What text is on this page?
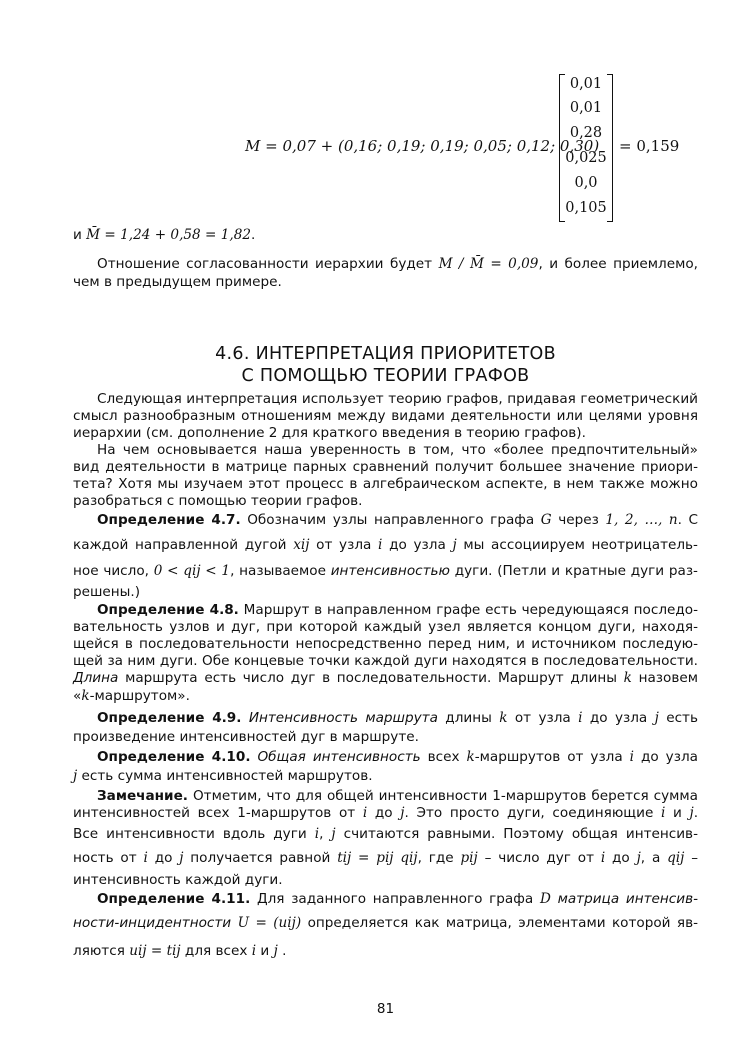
M = 0,07 + (0,16; 0,19; 0,19; 0,05; 0,12; 0,30)
0,01
0,01
0,28
0,025
0,0
0,105
= 0,159
и M̄ = 1,24 + 0,58 = 1,82.
Отношение согласованности иерархии будет M / M̄ = 0,09, и более приемлемо,
чем в предыдущем примере.
4.6. ИНТЕРПРЕТАЦИЯ ПРИОРИТЕТОВ
С ПОМОЩЬЮ ТЕОРИИ ГРАФОВ
Следующая интерпретация использует теорию графов, придавая геометрический
смысл разнообразным отношениям между видами деятельности или целями уровня
иерархии (см. дополнение 2 для краткого введения в теорию графов).
На чем основывается наша уверенность в том, что «более предпочтительный»
вид деятельности в матрице парных сравнений получит большее значение приори-
тета? Хотя мы изучаем этот процесс в алгебраическом аспекте, в нем также можно
разобраться с помощью теории графов.
Определение 4.7. Обозначим узлы направленного графа G через 1, 2, …, n. С
каждой направленной дугой xij от узла i до узла j мы ассоциируем неотрицатель-
ное число, 0 < qij < 1, называемое интенсивностью дуги. (Петли и кратные дуги раз-
решены.)
Определение 4.8. Маршрут в направленном графе есть чередующаяся последо-
вательность узлов и дуг, при которой каждый узел является концом дуги, находя-
щейся в последовательности непосредственно перед ним, и источником последую-
щей за ним дуги. Обе концевые точки каждой дуги находятся в последовательности.
Длина маршрута есть число дуг в последовательности. Маршрут длины k назовем
«k-маршрутом».
Определение 4.9. Интенсивность маршрута длины k от узла i до узла j есть
произведение интенсивностей дуг в маршруте.
Определение 4.10. Общая интенсивность всех k-маршрутов от узла i до узла
j есть сумма интенсивностей маршрутов.
Замечание. Отметим, что для общей интенсивности 1-маршрутов берется сумма
интенсивностей всех 1-маршрутов от i до j. Это просто дуги, соединяющие i и j.
Все интенсивности вдоль дуги i, j считаются равными. Поэтому общая интенсив-
ность от i до j получается равной tij = pij qij, где pij – число дуг от i до j, а qij –
интенсивность каждой дуги.
Определение 4.11. Для заданного направленного графа D матрица интенсив-
ности-инцидентности U = (uij) определяется как матрица, элементами которой яв-
ляются uij = tij для всех i и j .
81
